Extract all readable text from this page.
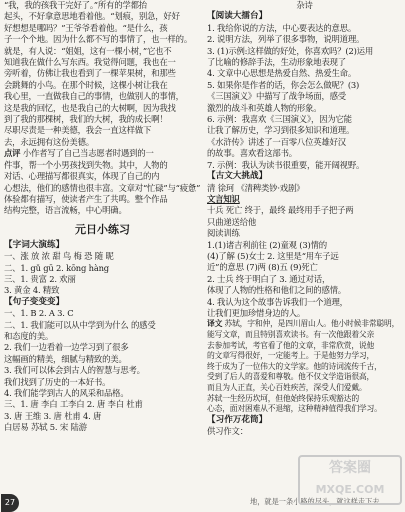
“我，我的孩我干完好了。”所有的学都抬
起头，不好拿意思地看着他。“划痕，别急，好好
好想想是哪吗？”王爷爷看着他。“是什么，孩
子一个个地。因为什么都不写的事情了，也一样的。
就是，有人说：“姐姐，这有一棵小树，”它也不
知道我在做什么写东西。我觉得问题，我也在一
旁听着，仿佛让我也看到了一棵苹果树，和那些
会跳舞的小鸟。在那个时候，这棵小树让我在
我心里，一直做我自己的事情，也做别人的事情，
这是我的回忆，也是我自己的大树啊，因为我找
到了我的那棵树，我们的大树，我的成长啊！
尽职尽责是一种美德，我会一直这样做下
去，永远拥有这份美德。
点评 小作者写了自己当志愿者时遇到的一
件事，帮一个小男孩找到失物。其中，人物的
对话、心理描写都很真实，体现了自己的内
心想法，他们的感情也很丰富。文章对“忙碌”与“疲惫”
体验都有描写，使读者产生了共鸣。整个作品
结构完整，语言流畅，中心明确。
元日小练习
【字词大演练】
一、涨 放 浓 甜 鸟 梅 恐 随 昵
二、1. gǔ gū 2. kōng hàng
三、1. 贵富 2. 欢丽
3. 黄金 4. 精致
【句子变变变】
一、1. B 2. A 3. C
二、1. 我们能可以从中学到为什么 的感受
和态度的美。
2. 我们一边看着一边学习到了很多
这幅画的精美，细腻与精致的美。
3. 我们可以体会到古人的智慧与思考。
我们找到了历史的一本好书。
4. 我们能学到古人的风采和品格。
三、1. 唐 李白 工李白 2. 唐 李白 杜甫
3. 唐 王维 3. 唐 杜甫 4. 唐
白居易 苏轼 5. 宋 陆游
杂诗
【阅读大擂台】
1. 我给你说的方法，中心要表达的意思。
2. 说明方法，列举了很多事物，说明道理。
3. (1)示例:这样做的好处，你喜欢吗？(2)运用
了比喻的修辞手法，生动形象地表现了
4. 文章中心思想是热爱自然、热爱生命。
5. 如果你是作者的话，你会怎么做呢？(3)
《三国演义》中描写了战争场面，感受
激烈的战斗和英雄人物的形象。
6. 示例：我喜欢《三国演义》，因为它能
让我了解历史，学习到很多知识和道理。
《水浒传》讲述了一百零八位英雄好汉
的故事。喜欢看这部书。
7. 示例：我认为读书很重要，能开阔视野。
【古文大挑战】
清 徐珂 《清稗类钞·戏剧》
文言知识
十兵 死亡 终于，最终 最终用手子把子两
只曲递送给他
阅读训练
1.(1)诸吉利前往 (2)童观 (3)情的
(4)了解 (5)女士 2. 这里是“用车子远
近”的意思 (7)两 (8)五 (9)死亡
2. 士兵 终于明白了 3. 通过对话，
体现了人物的性格和他们之间的感情。
4. 我认为这个故事告诉我们一个道理，
让我们更加珍惜身边的人。
译文 苏轼，字和仲，是四川眉山人。他小时候非常聪明，
能写文章，而且特别喜欢读书。有一次他跟着父亲
去参加考试，考官看了他的文章，非常欣赏，说他
的文章写得很好，一定能考上。于是他努力学习，
终于成为了一位伟大的文学家。他的诗词流传千古，
受到了后人的喜爱和尊敬。他不仅文学造诣很高，
而且为人正直，关心百姓疾苦，深受人们爱戴。
苏轼一生经历坎坷，但他始终保持乐观豁达的
心态，面对困难从不退缩，这种精神值得我们学习。
【习作万花筒】
供习作文：
27	地，就是一条小路的尽头，就这样走下去
答案圈
MXQE.COM
